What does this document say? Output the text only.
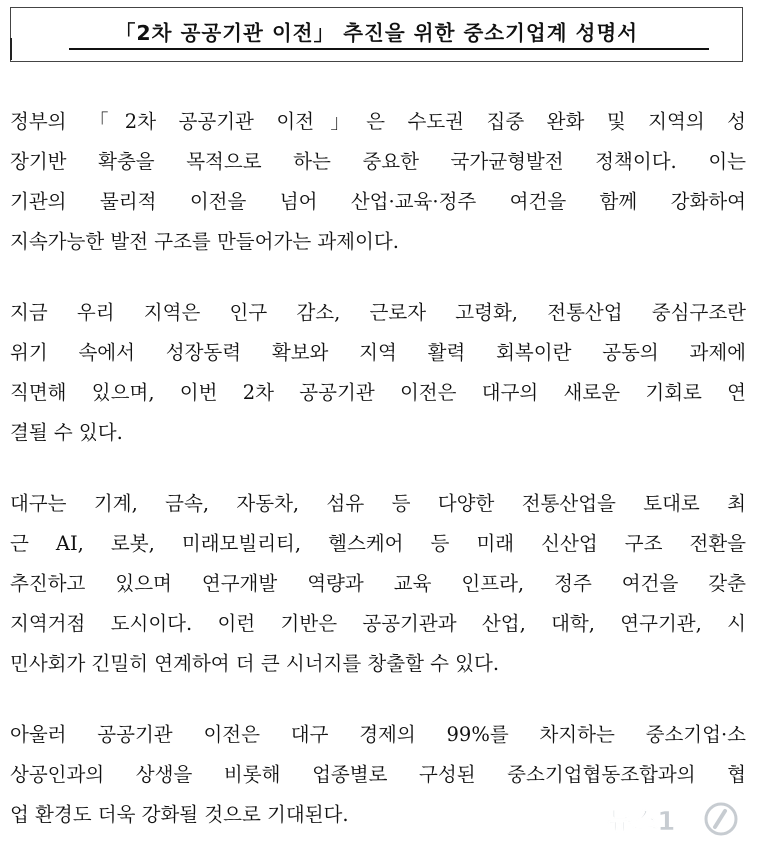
「2차 공공기관 이전」 추진을 위한 중소기업계 성명서
정부의 「2차 공공기관 이전」은 수도권 집중 완화 및 지역의 성
장기반 확충을 목적으로 하는 중요한 국가균형발전 정책이다. 이는
기관의 물리적 이전을 넘어 산업·교육·정주 여건을 함께 강화하여
지속가능한 발전 구조를 만들어가는 과제이다.
지금 우리 지역은 인구 감소, 근로자 고령화, 전통산업 중심구조란
위기 속에서 성장동력 확보와 지역 활력 회복이란 공동의 과제에
직면해 있으며, 이번 2차 공공기관 이전은 대구의 새로운 기회로 연
결될 수 있다.
대구는 기계, 금속, 자동차, 섬유 등 다양한 전통산업을 토대로 최
근 AI, 로봇, 미래모빌리티, 헬스케어 등 미래 신산업 구조 전환을
추진하고 있으며 연구개발 역량과 교육 인프라, 정주 여건을 갖춘
지역거점 도시이다. 이런 기반은 공공기관과 산업, 대학, 연구기관, 시
민사회가 긴밀히 연계하여 더 큰 시너지를 창출할 수 있다.
아울러 공공기관 이전은 대구 경제의 99%를 차지하는 중소기업·소
상공인과의 상생을 비롯해 업종별로 구성된 중소기업협동조합과의 협
업 환경도 더욱 강화될 것으로 기대된다.	뉴스1
